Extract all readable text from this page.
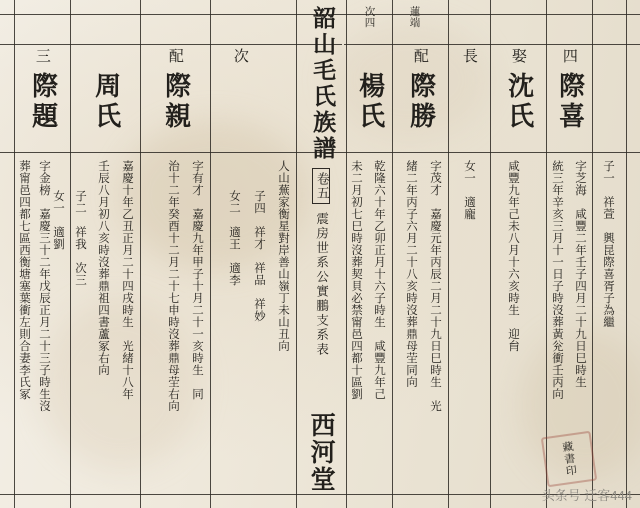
韶山毛氏族譜
卷五
震房世系公實鵬支系表
西河堂
四
際喜
娶
沈氏
長
際勝
配
楊氏
次四	蓮端
三
際題
配
周氏
次
際親
子一　祥萱　興昆際喜胥子為繼
字芝海　咸豐二年壬子四月二十九日巳時生
統三年辛亥三月十一日子時沒葬黃兊衝壬丙向
咸豐九年己未八月十六亥時生　迎䏍
女一　適龐
字茂才　嘉慶元年丙辰二月二十九日巳時生　光
緒二年丙子六月二十八亥時沒葬鼎母茔同向
乾隆六十年乙卯正月十六子時生　咸豐九年己
未二月初七巳時沒葬契貝必禁甯邑四都十區劉
人山蕪家衡星對岸善山嶺丁未山丑向
子四　祥才　祥品　祥妙
女二　適王　適李
字有才　嘉慶九年甲子十月二十一亥時生　同
治十二年癸酉十二月二十七申時沒葬鼎母茔右向
嘉慶十年乙丑正月二十四戌時生　光緒十八年
壬辰八月初八亥時沒葬鼎祖四書蘆冢右向
子二　祥我　次三
女一　適劉
字金榜　嘉慶三十二年戊辰正月二十三子時生沒
葬甯邑四都七區西衡塘塞葉衝左則合妻李氏冢
藏書印
头条号 迁客444
